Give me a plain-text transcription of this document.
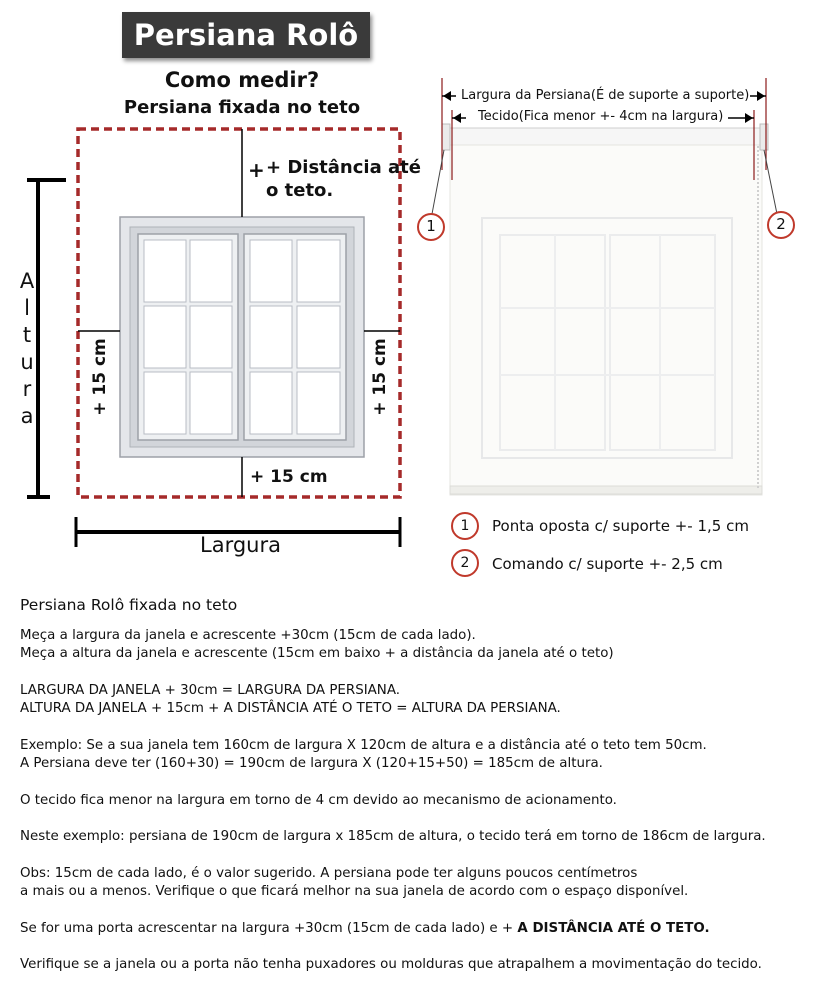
Persiana Rolô
Como medir?
Persiana fixada no teto
+ + Distância até
o teto.
A
l
t
u
r
a
+ 15 cm	+ 15 cm
+ 15 cm
Largura
Largura da Persiana(É de suporte a suporte)
Tecido(Fica menor +- 4cm na largura)
1	2
1	Ponta oposta c/ suporte +- 1,5 cm
2	Comando c/ suporte +- 2,5 cm

Persiana Rolô fixada no teto

Meça a largura da janela e acrescente +30cm (15cm de cada lado).

Meça a altura da janela e acrescente (15cm em baixo + a distância da janela até o teto)

LARGURA DA JANELA + 30cm = LARGURA DA PERSIANA.

ALTURA DA JANELA + 15cm + A DISTÂNCIA ATÉ O TETO = ALTURA DA PERSIANA.

Exemplo: Se a sua janela tem 160cm de largura X 120cm de altura e a distância até o teto tem 50cm.

A Persiana deve ter (160+30) = 190cm de largura X (120+15+50) = 185cm de altura.

O tecido fica menor na largura em torno de 4 cm devido ao mecanismo de acionamento.

Neste exemplo: persiana de 190cm de largura x 185cm de altura, o tecido terá em torno de 186cm de largura.

Obs: 15cm de cada lado, é o valor sugerido. A persiana pode ter alguns poucos centímetros

a mais ou a menos. Verifique o que ficará melhor na sua janela de acordo com o espaço disponível.

Se for uma porta acrescentar na largura +30cm (15cm de cada lado) e + A DISTÂNCIA ATÉ O TETO.

Verifique se a janela ou a porta não tenha puxadores ou molduras que atrapalhem a movimentação do tecido.
